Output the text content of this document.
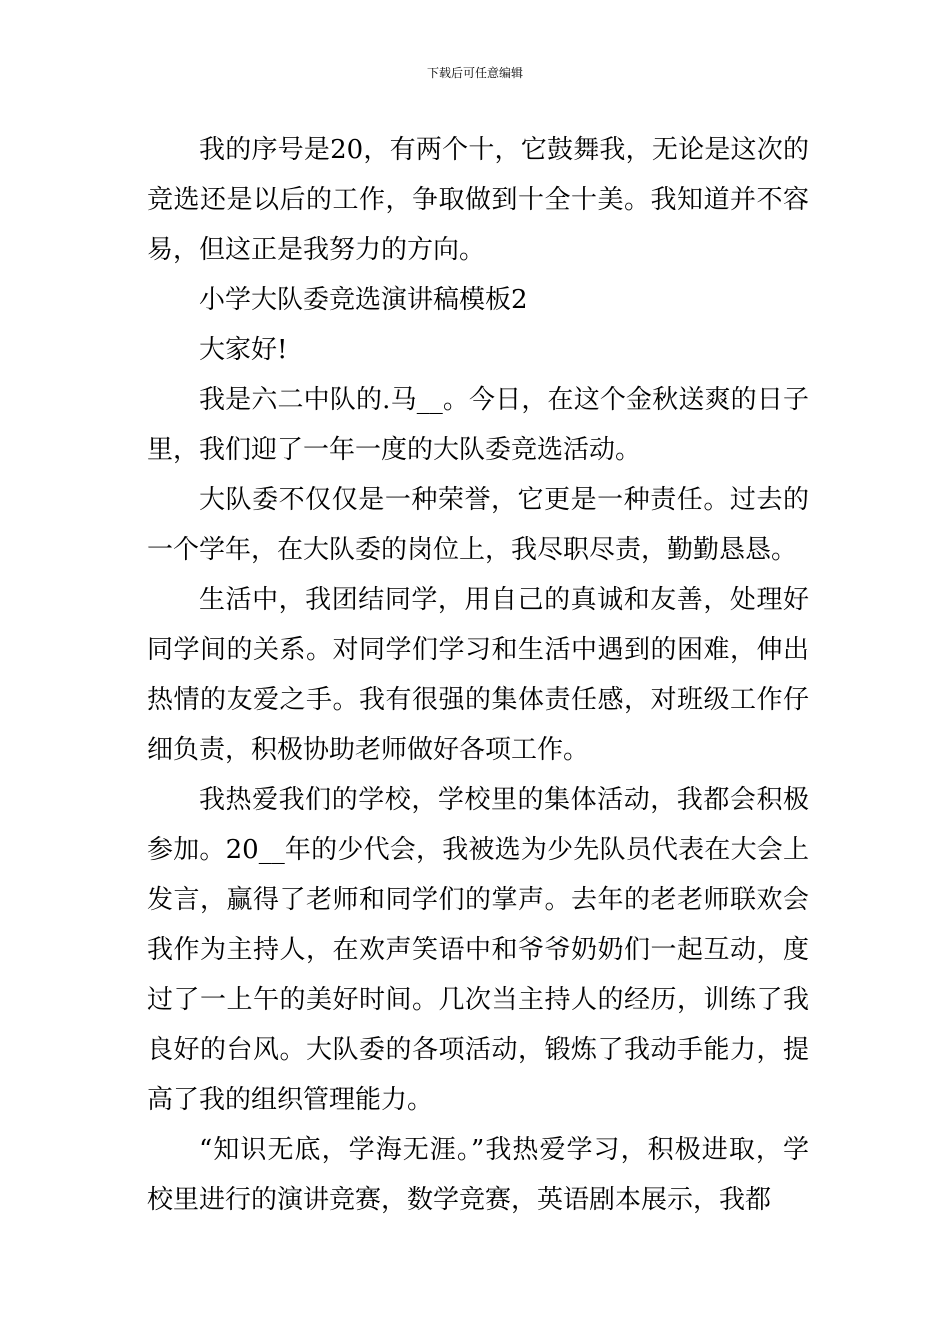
下载后可任意编辑

我的序号是20，有两个十，它鼓舞我，无论是这次的竞选还是以后的工作，争取做到十全十美。我知道并不容易，但这正是我努力的方向。

小学大队委竞选演讲稿模板2

大家好!

我是六二中队的.马__。今日，在这个金秋送爽的日子里，我们迎了一年一度的大队委竞选活动。

大队委不仅仅是一种荣誉，它更是一种责任。过去的一个学年，在大队委的岗位上，我尽职尽责，勤勤恳恳。

生活中，我团结同学，用自己的真诚和友善，处理好同学间的关系。对同学们学习和生活中遇到的困难，伸出热情的友爱之手。我有很强的集体责任感，对班级工作仔细负责，积极协助老师做好各项工作。

我热爱我们的学校，学校里的集体活动，我都会积极参加。20__年的少代会，我被选为少先队员代表在大会上发言，赢得了老师和同学们的掌声。去年的老老师联欢会我作为主持人，在欢声笑语中和爷爷奶奶们一起互动，度过了一上午的美好时间。几次当主持人的经历，训练了我良好的台风。大队委的各项活动，锻炼了我动手能力，提高了我的组织管理能力。

“知识无底，学海无涯。”我热爱学习，积极进取，学校里进行的演讲竞赛，数学竞赛，英语剧本展示，我都
